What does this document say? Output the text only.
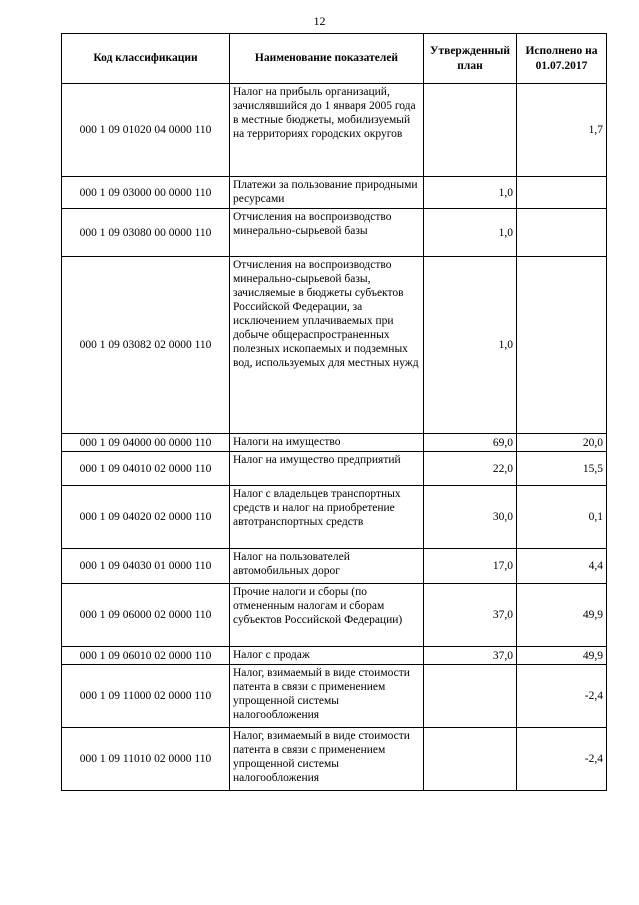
12
Код классификации	Наименование показателей	Утвержденный план	Исполнено на 01.07.2017
000 1 09 01020 04 0000 110	Налог на прибыль организаций, зачислявшийся до 1 января 2005 года в местные бюджеты, мобилизуемый на территориях городских округов		1,7
000 1 09 03000 00 0000 110	Платежи за пользование природными ресурсами	1,0	
000 1 09 03080 00 0000 110	Отчисления на воспроизводство минерально-сырьевой базы	1,0	
000 1 09 03082 02 0000 110	Отчисления на воспроизводство минерально-сырьевой базы, зачисляемые в бюджеты субъектов Российской Федерации, за исключением уплачиваемых при добыче общераспространенных полезных ископаемых и подземных вод, используемых для местных нужд	1,0	
000 1 09 04000 00 0000 110	Налоги на имущество	69,0	20,0
000 1 09 04010 02 0000 110	Налог на имущество предприятий	22,0	15,5
000 1 09 04020 02 0000 110	Налог с владельцев транспортных средств и налог на приобретение автотранспортных средств	30,0	0,1
000 1 09 04030 01 0000 110	Налог на пользователей автомобильных дорог	17,0	4,4
000 1 09 06000 02 0000 110	Прочие налоги и сборы (по отмененным налогам и сборам субъектов Российской Федерации)	37,0	49,9
000 1 09 06010 02 0000 110	Налог с продаж	37,0	49,9
000 1 09 11000 02 0000 110	Налог, взимаемый в виде стоимости патента в связи с применением упрощенной системы налогообложения		-2,4
000 1 09 11010 02 0000 110	Налог, взимаемый в виде стоимости патента в связи с применением упрощенной системы налогообложения		-2,4
